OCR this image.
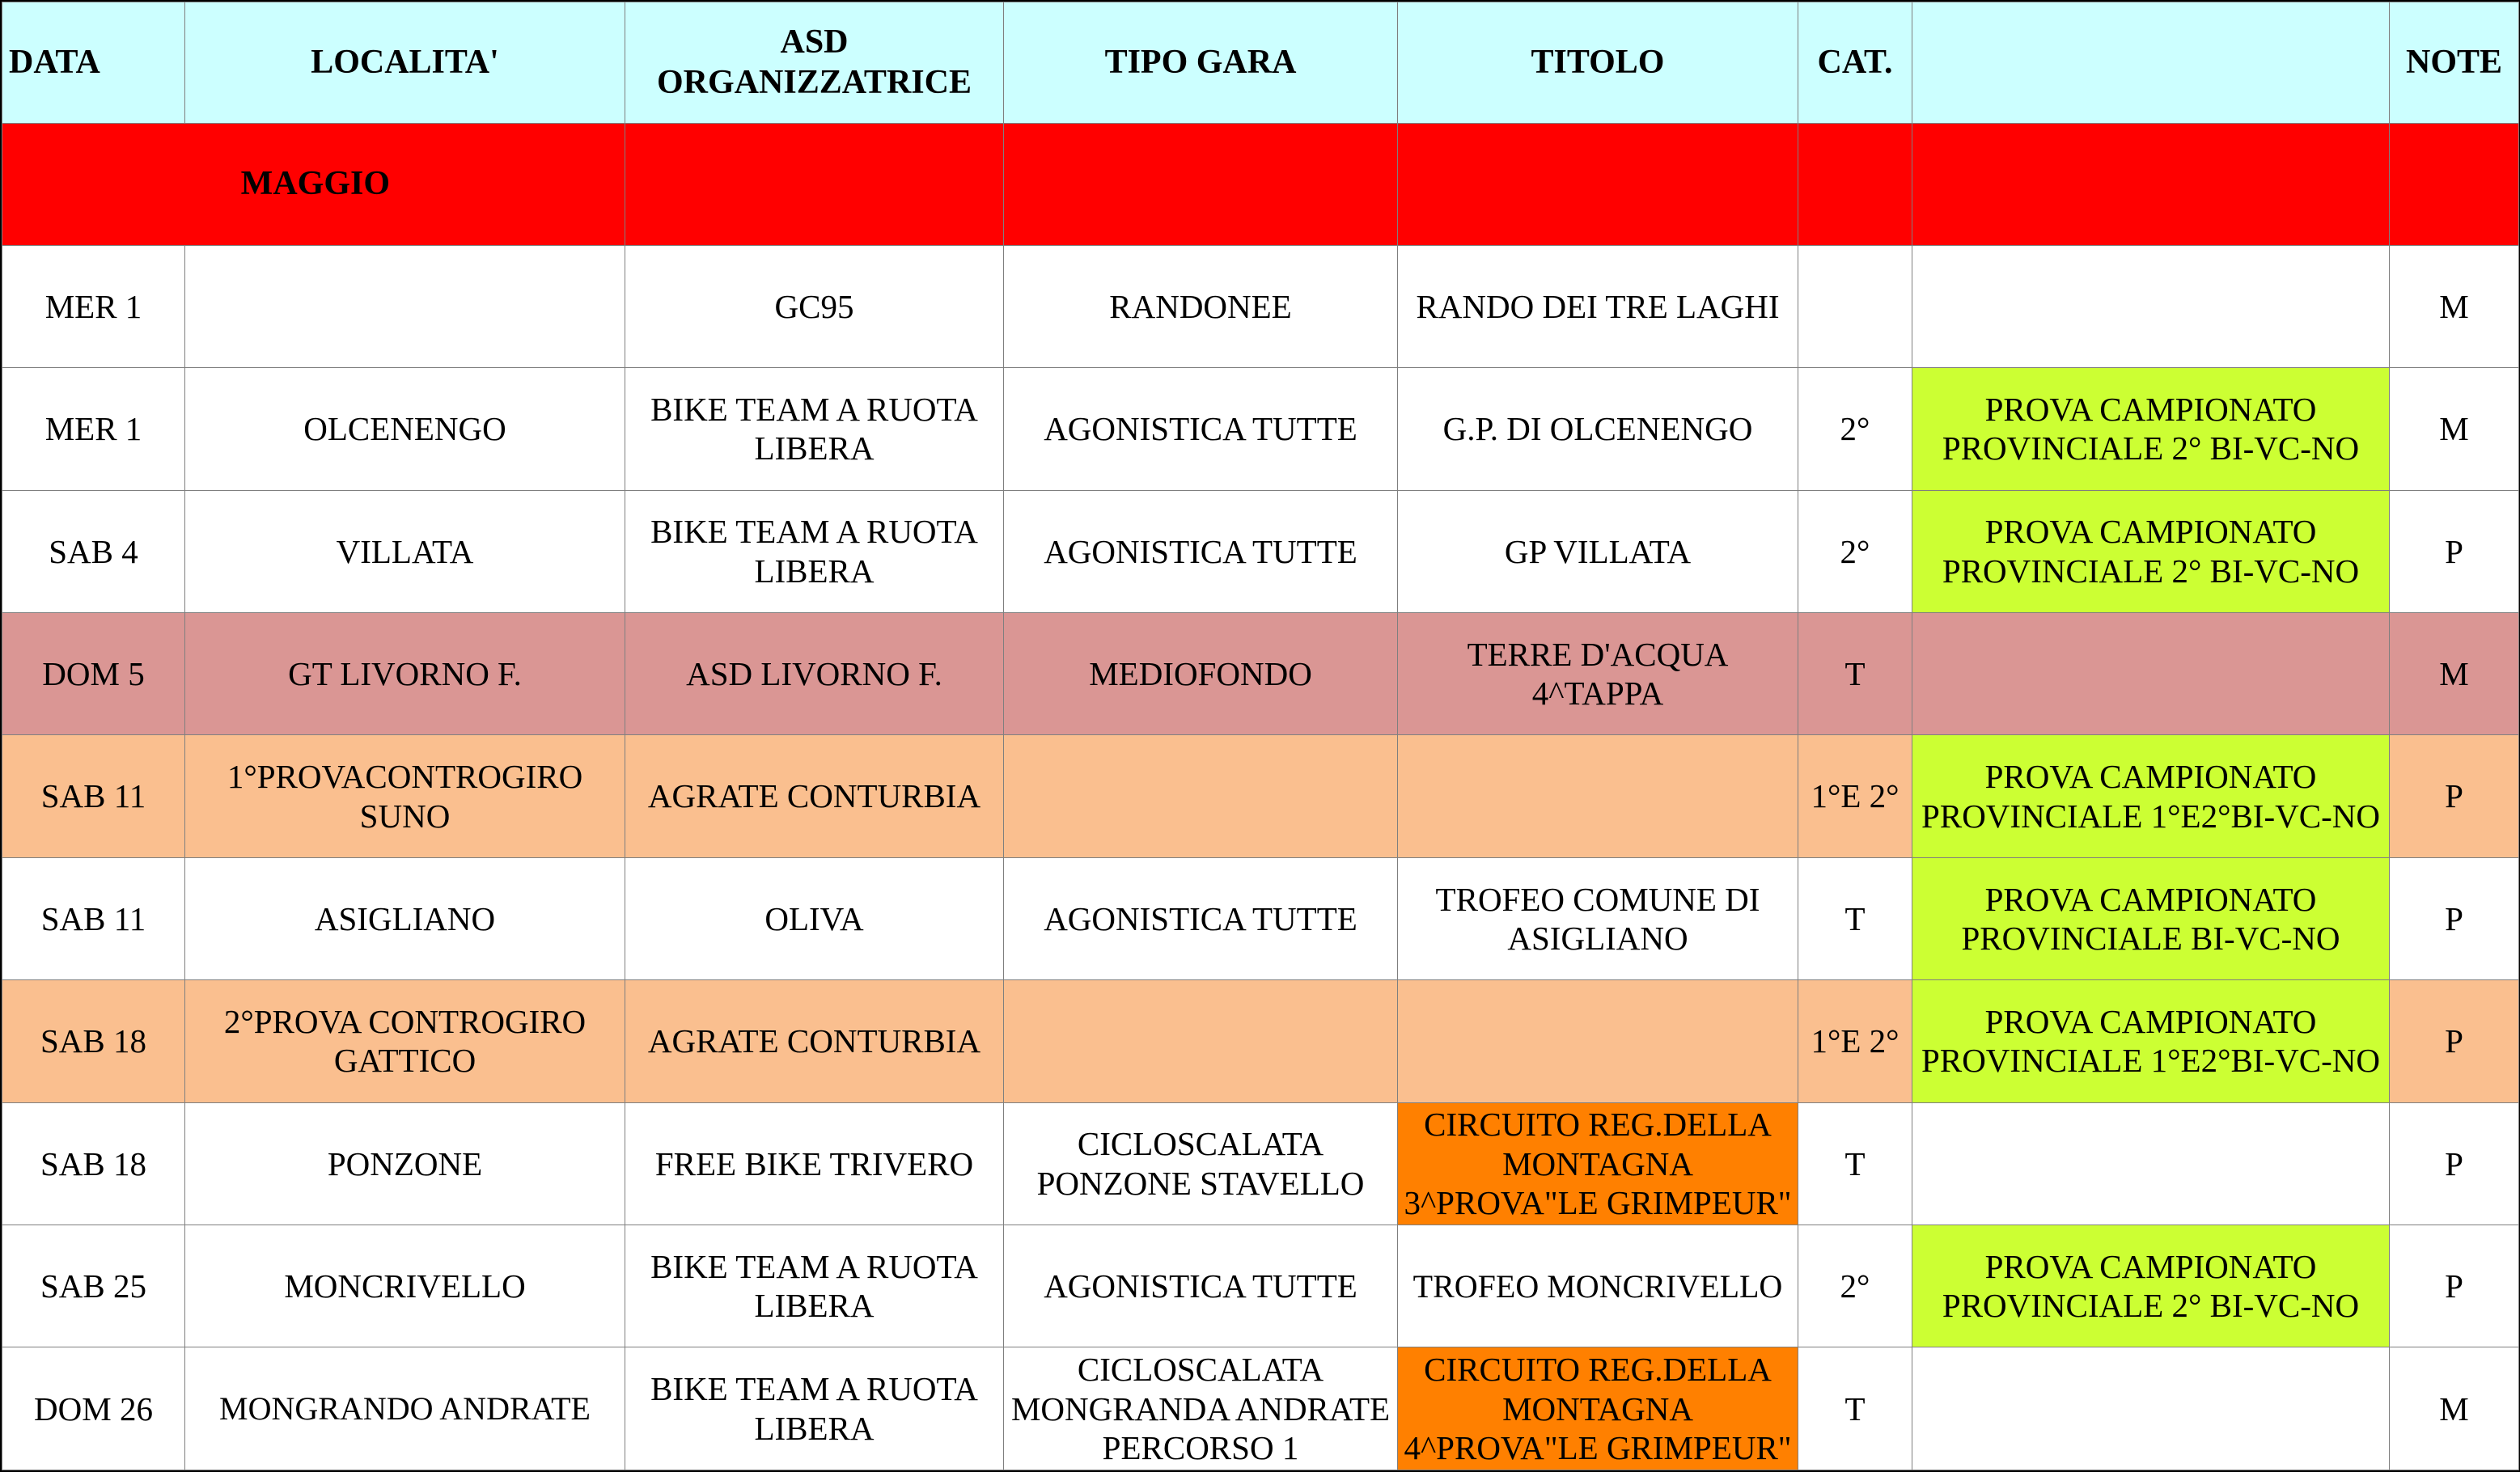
DATA	LOCALITA'	ASD ORGANIZZATRICE	TIPO GARA	TITOLO	CAT.		NOTE
MAGGIO							
MER 1		GC95	RANDONEE	RANDO DEI TRE LAGHI			M
MER 1	OLCENENGO	BIKE TEAM A RUOTA LIBERA	AGONISTICA TUTTE	G.P. DI OLCENENGO	2°	PROVA CAMPIONATO PROVINCIALE 2° BI-VC-NO	M
SAB 4	VILLATA	BIKE TEAM A RUOTA LIBERA	AGONISTICA TUTTE	GP VILLATA	2°	PROVA CAMPIONATO PROVINCIALE 2° BI-VC-NO	P
DOM 5	GT LIVORNO F.	ASD LIVORNO F.	MEDIOFONDO	TERRE D'ACQUA 4^TAPPA	T		M
SAB 11	1°PROVACONTROGIRO SUNO	AGRATE CONTURBIA			1°E 2°	PROVA CAMPIONATO PROVINCIALE 1°E2°BI-VC-NO	P
SAB 11	ASIGLIANO	OLIVA	AGONISTICA TUTTE	TROFEO COMUNE DI ASIGLIANO	T	PROVA CAMPIONATO PROVINCIALE BI-VC-NO	P
SAB 18	2°PROVA CONTROGIRO GATTICO	AGRATE CONTURBIA			1°E 2°	PROVA CAMPIONATO PROVINCIALE 1°E2°BI-VC-NO	P
SAB 18	PONZONE	FREE BIKE TRIVERO	CICLOSCALATA PONZONE STAVELLO	CIRCUITO REG.DELLA MONTAGNA 3^PROVA"LE GRIMPEUR"	T		P
SAB 25	MONCRIVELLO	BIKE TEAM A RUOTA LIBERA	AGONISTICA TUTTE	TROFEO MONCRIVELLO	2°	PROVA CAMPIONATO PROVINCIALE 2° BI-VC-NO	P
DOM 26	MONGRANDO ANDRATE	BIKE TEAM A RUOTA LIBERA	CICLOSCALATA MONGRANDA ANDRATE PERCORSO 1	CIRCUITO REG.DELLA MONTAGNA 4^PROVA"LE GRIMPEUR"	T		M
